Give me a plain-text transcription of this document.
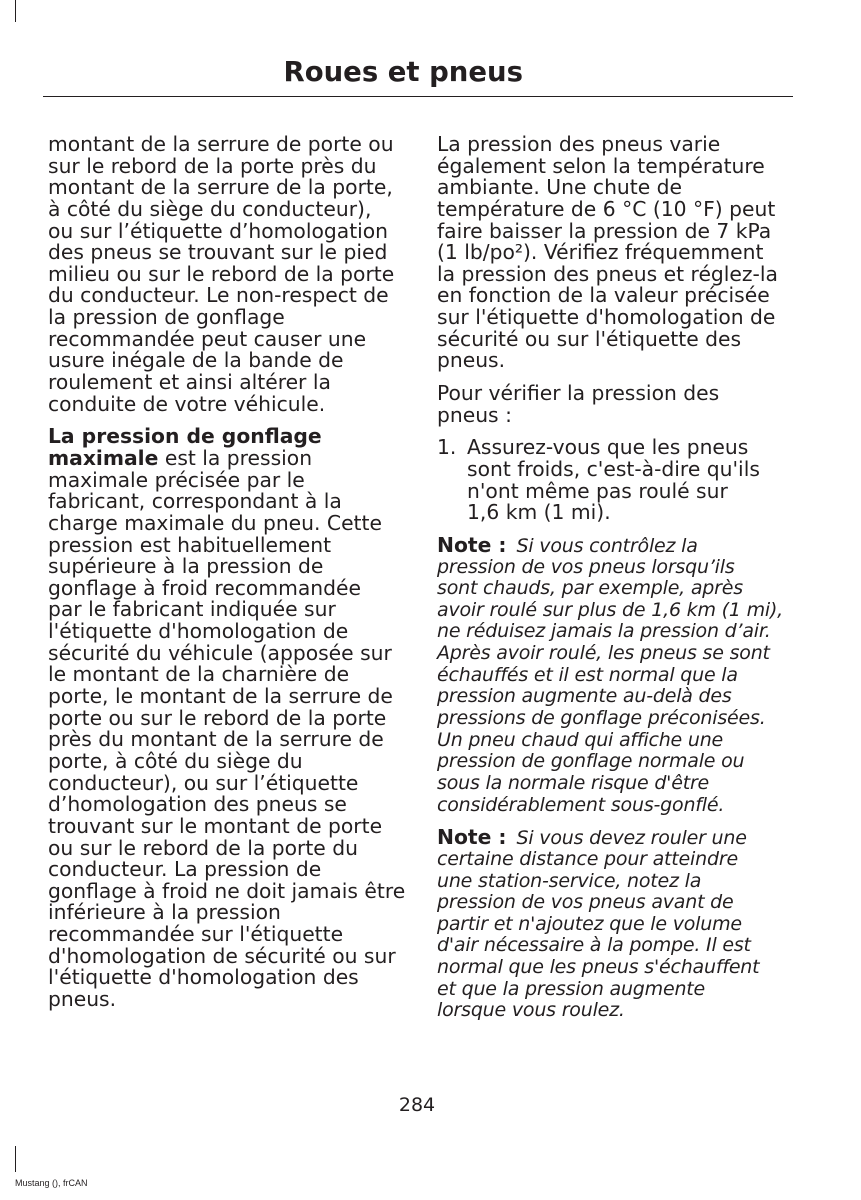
Roues et pneus
montant de la serrure de porte ou
sur le rebord de la porte près du
montant de la serrure de la porte,
à côté du siège du conducteur),
ou sur l’étiquette d’homologation
des pneus se trouvant sur le pied
milieu ou sur le rebord de la porte
du conducteur. Le non-respect de
la pression de gonflage
recommandée peut causer une
usure inégale de la bande de
roulement et ainsi altérer la
conduite de votre véhicule.
La pression de gonflage
maximale est la pression
maximale précisée par le
fabricant, correspondant à la
charge maximale du pneu. Cette
pression est habituellement
supérieure à la pression de
gonflage à froid recommandée
par le fabricant indiquée sur
l'étiquette d'homologation de
sécurité du véhicule (apposée sur
le montant de la charnière de
porte, le montant de la serrure de
porte ou sur le rebord de la porte
près du montant de la serrure de
porte, à côté du siège du
conducteur), ou sur l’étiquette
d’homologation des pneus se
trouvant sur le montant de porte
ou sur le rebord de la porte du
conducteur. La pression de
gonflage à froid ne doit jamais être
inférieure à la pression
recommandée sur l'étiquette
d'homologation de sécurité ou sur
l'étiquette d'homologation des
pneus.
La pression des pneus varie
également selon la température
ambiante. Une chute de
température de 6 °C (10 °F) peut
faire baisser la pression de 7 kPa
(1 lb/po²). Vérifiez fréquemment
la pression des pneus et réglez-la
en fonction de la valeur précisée
sur l'étiquette d'homologation de
sécurité ou sur l'étiquette des
pneus.
Pour vérifier la pression des
pneus :
1. Assurez-vous que les pneus
sont froids, c'est-à-dire qu'ils
n'ont même pas roulé sur
1,6 km (1 mi).
Note : Si vous contrôlez la
pression de vos pneus lorsqu’ils
sont chauds, par exemple, après
avoir roulé sur plus de 1,6 km (1 mi),
ne réduisez jamais la pression d’air.
Après avoir roulé, les pneus se sont
échauffés et il est normal que la
pression augmente au-delà des
pressions de gonflage préconisées.
Un pneu chaud qui affiche une
pression de gonflage normale ou
sous la normale risque d'être
considérablement sous-gonflé.
Note : Si vous devez rouler une
certaine distance pour atteindre
une station-service, notez la
pression de vos pneus avant de
partir et n'ajoutez que le volume
d'air nécessaire à la pompe. Il est
normal que les pneus s'échauffent
et que la pression augmente
lorsque vous roulez.
284
Mustang (), frCAN
